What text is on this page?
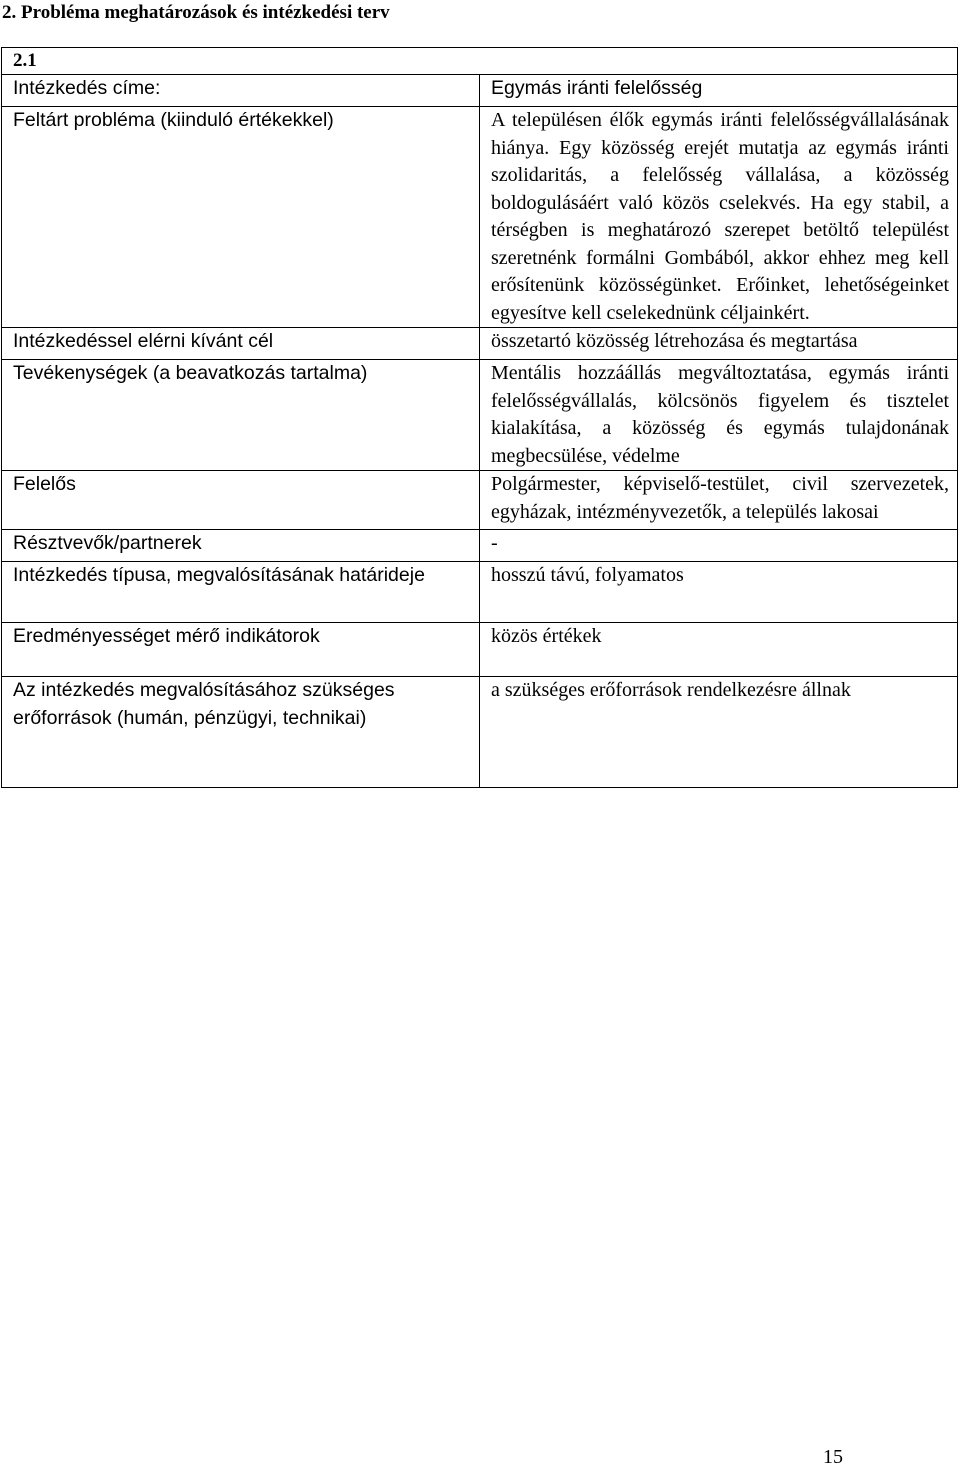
2. Probléma meghatározások és intézkedési terv
2.1	
Intézkedés címe:	Egymás iránti felelősség
Feltárt probléma (kiinduló értékekkel)	A településen élők egymás iránti felelősségvállalásának hiánya. Egy közösség erejét mutatja az egymás iránti szolidaritás, a felelősség vállalása, a közösség boldogulásáért való közös cselekvés. Ha egy stabil, a térségben is meghatározó szerepet betöltő települést szeretnénk formálni Gombából, akkor ehhez meg kell erősítenünk közösségünket. Erőinket, lehetőségeinket egyesítve kell cselekednünk céljainkért.
Intézkedéssel elérni kívánt cél	összetartó közösség létrehozása és megtartása
Tevékenységek (a beavatkozás tartalma)	Mentális hozzáállás megváltoztatása, egymás iránti felelősségvállalás, kölcsönös figyelem és tisztelet kialakítása, a közösség és egymás tulajdonának megbecsülése, védelme
Felelős	Polgármester, képviselő-testület, civil szervezetek, egyházak, intézményvezetők, a település lakosai
Résztvevők/partnerek	-
Intézkedés típusa, megvalósításának határideje	hosszú távú, folyamatos
Eredményességet mérő indikátorok	közös értékek
Az intézkedés megvalósításához szükséges erőforrások (humán, pénzügyi, technikai)	a szükséges erőforrások rendelkezésre állnak
15
